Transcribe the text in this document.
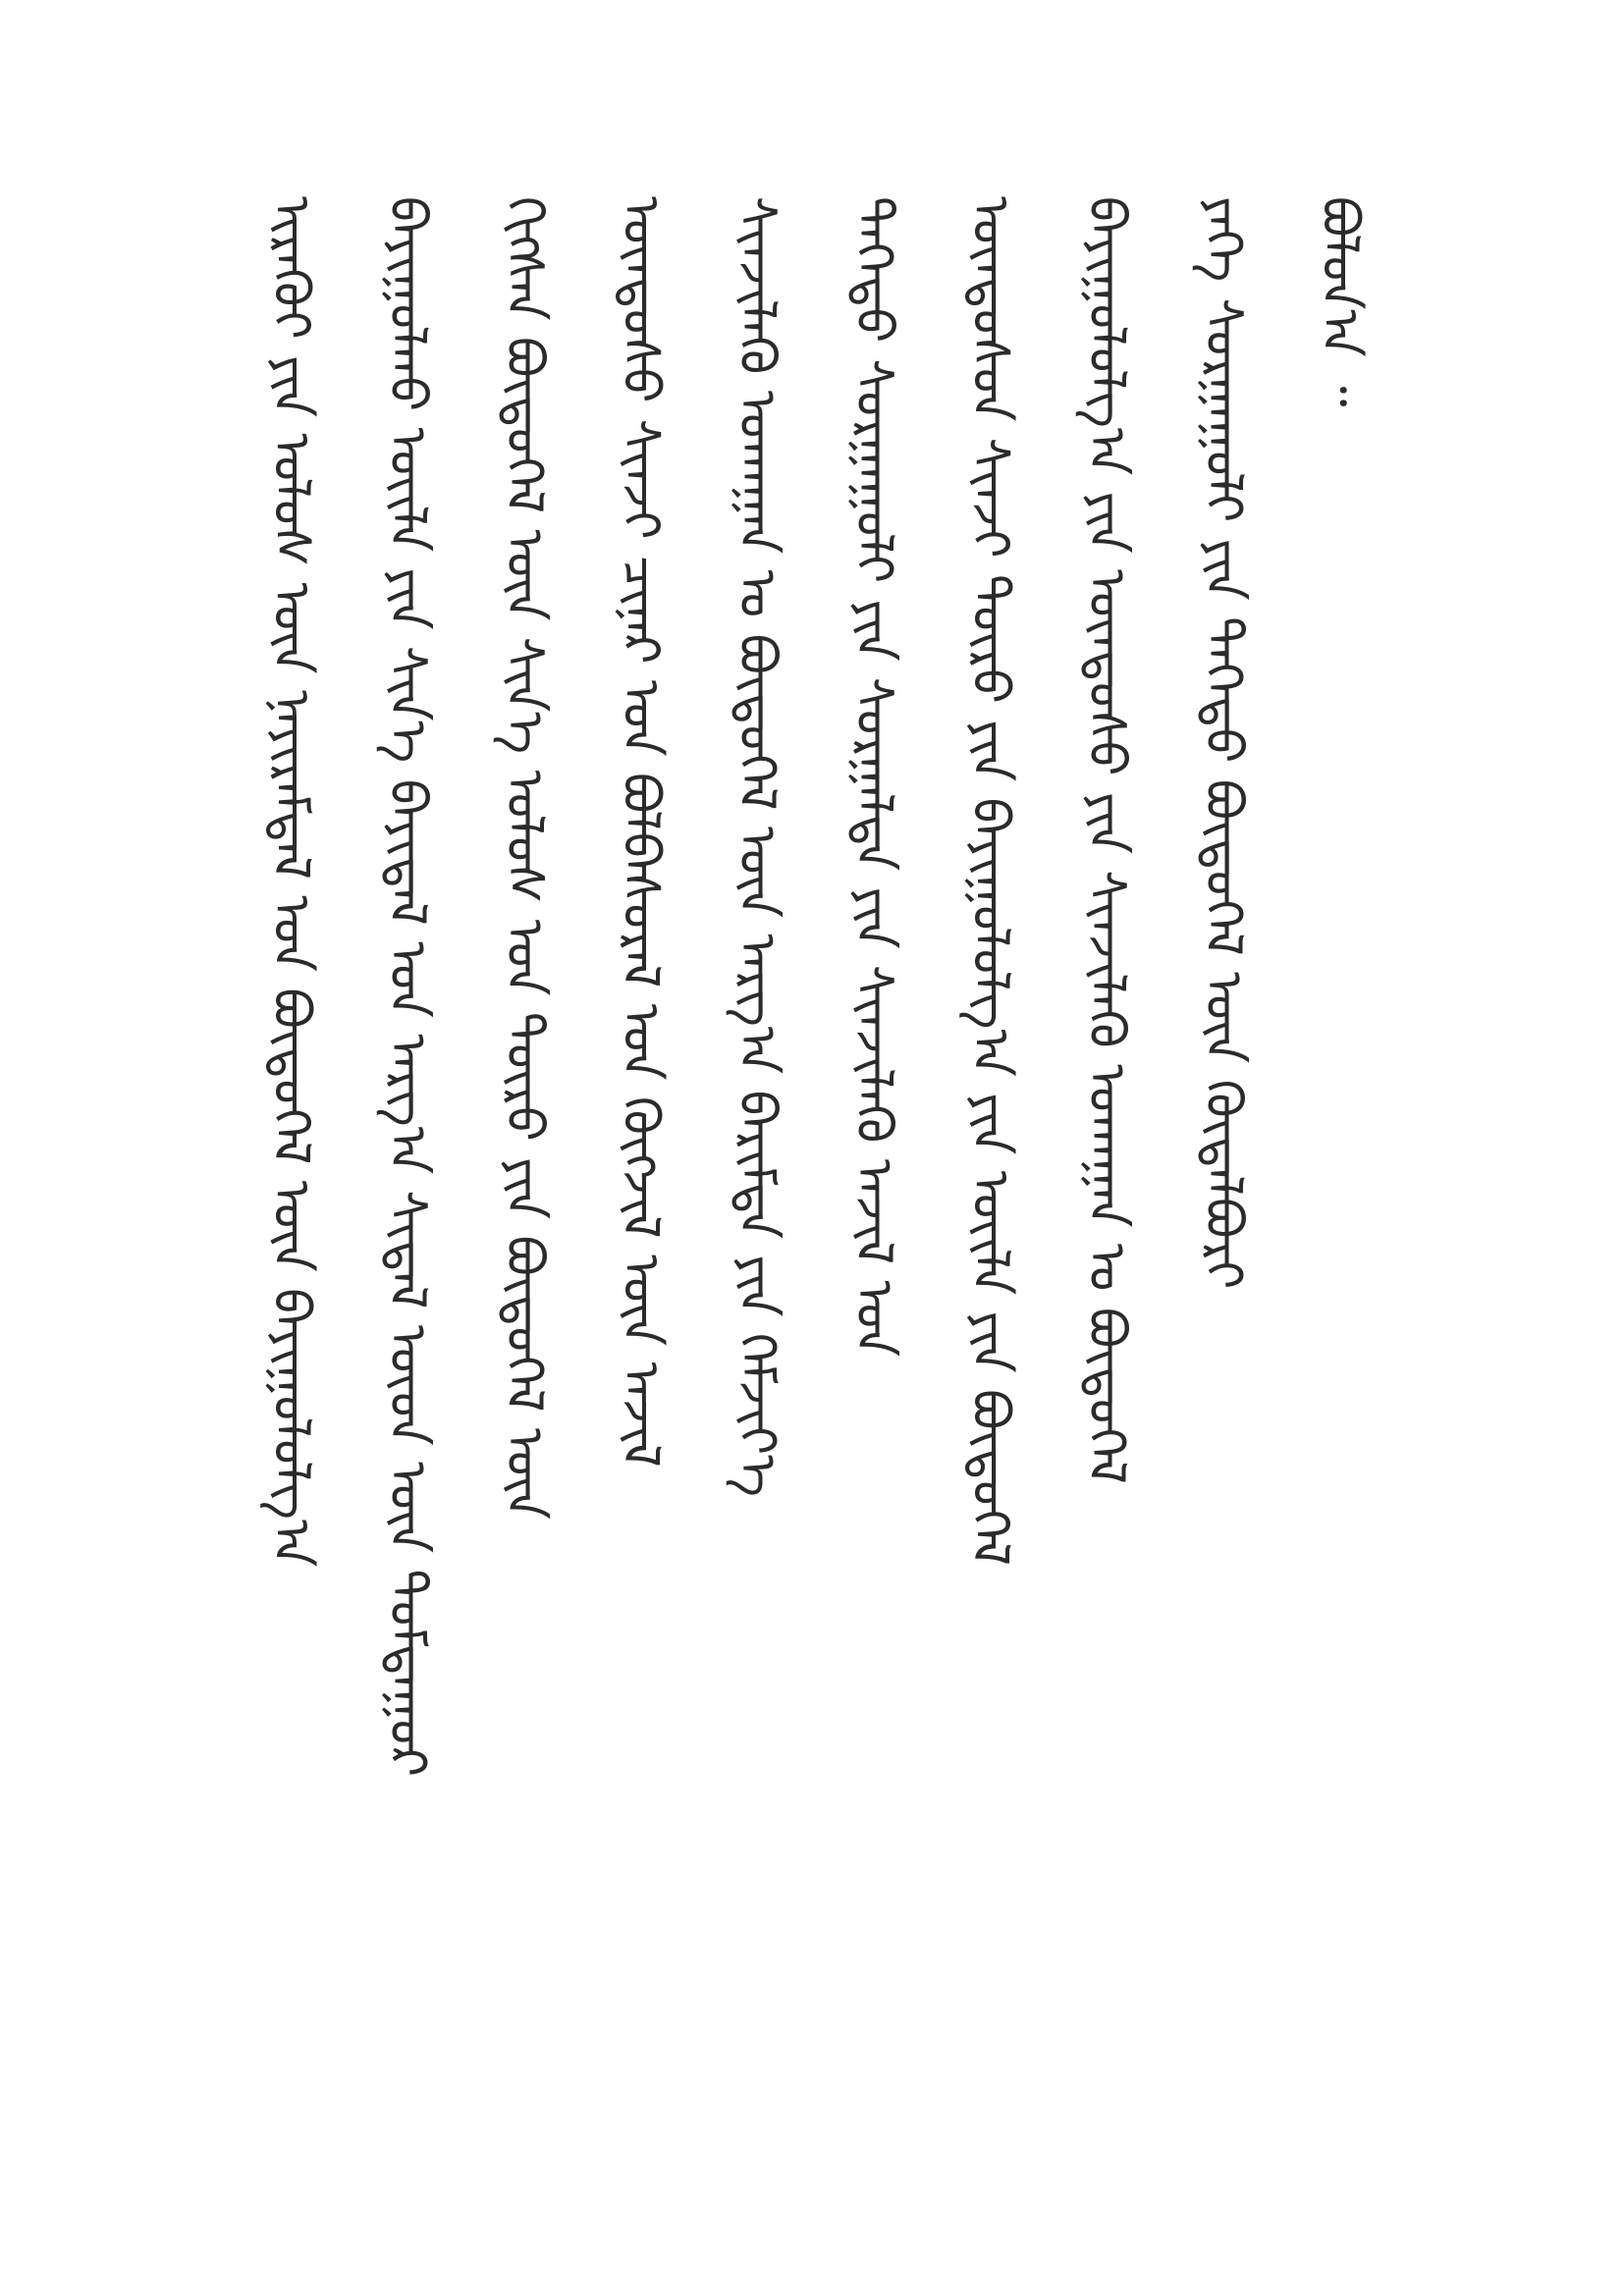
ᠢᠷᠡᠭᠦᠢ ᠶᠢᠨ ᠤᠯᠤᠰ ᠦᠨ ᠨᠠᠶᠢᠷᠠᠮᠳᠠᠯ ᠤᠨ ᠪᠦᠲᠦᠭᠡᠯ ᠦᠨ ᠪᠠᠶᠢᠭᠤᠯᠤᠯᠭ᠎ᠠ ᠪᠠᠶᠢᠭᠤᠯᠬᠤ ᠦᠢᠯᠡ ᠶᠢᠨ ᠰᠢᠨ᠎ᠡ ᠪᠠᠶᠢᠳᠠᠯ ᠤᠨ ᠠᠷᠭ᠎ᠠ ᠰᠢᠳᠡᠯ ᠦᠳ ᠦᠨ ᠳᠤᠮᠳᠠᠭᠤᠷ ᠬᠢᠭ᠌ᠰᠡᠨ ᠪᠦᠲᠦᠭᠡᠯ ᠦᠨ ᠰᠢᠨ᠎ᠡ ᠤᠯᠤᠰ ᠤᠨ ᠲᠦᠷᠦ ᠶᠢᠨ ᠪᠦᠲᠦᠭᠡᠯ ᠦᠨ ᠦᠨᠳᠦᠰᠦ ᠰᠢᠨᠵᠢ ᠴᠢᠨᠠᠷ ᠤᠨ ᠪᠣᠯᠪᠠᠰᠤᠷᠠᠯ ᠤᠨ ᠬᠥᠭᠵᠢᠯ ᠦᠨ ᠠᠵᠢᠯ ᠰᠢᠨᠵᠢᠯᠡᠬᠦ ᠤᠬᠠᠭᠠᠨ ᠤ ᠪᠦᠲᠦᠭᠡᠯ ᠦᠨ ᠠᠷᠭ᠎ᠠ ᠪᠠᠷᠢᠮᠲᠠ ᠶᠢᠨ ᠬᠡᠮᠵᠢᠶ᠎ᠡ ᠳᠡᠭᠡᠳᠦ ᠰᠤᠷᠭᠠᠭᠤᠯᠢ ᠶᠢᠨ ᠰᠤᠷᠭᠠᠯᠲᠠ ᠶᠢᠨ ᠰᠢᠨᠵᠢᠯᠡᠬᠦ ᠠᠵᠢᠯ ᠤᠨ ᠦᠨᠳᠦᠰᠦᠨ ᠰᠢᠨᠵᠢ ᠲᠥᠷᠦ ᠶᠢᠨ ᠪᠠᠶᠢᠭᠤᠯᠤᠯᠭ᠎ᠠ ᠶᠢᠨ ᠦᠢᠯᠡ ᠶᠢᠨ ᠪᠦᠲᠦᠭᠡᠯ ᠪᠠᠶᠢᠭᠤᠯᠤᠯᠭ᠎ᠠ ᠶᠢᠨ ᠦᠨᠳᠦᠰᠦ ᠶᠢᠨ ᠰᠢᠨᠵᠢᠯᠡᠬᠦ ᠤᠬᠠᠭᠠᠨ ᠤ ᠪᠦᠲᠦᠭᠡᠯ ᠶᠡᠬᠡ ᠰᠤᠷᠭᠠᠭᠤᠯᠢ ᠶᠢᠨ ᠳᠡᠭᠡᠳᠦ ᠪᠦᠲᠦᠭᠡᠯ ᠦᠨ ᠬᠥᠲᠡᠯᠪᠦᠷᠢ ᠪᠣᠯᠤᠨ᠎ᠠ ᠃
